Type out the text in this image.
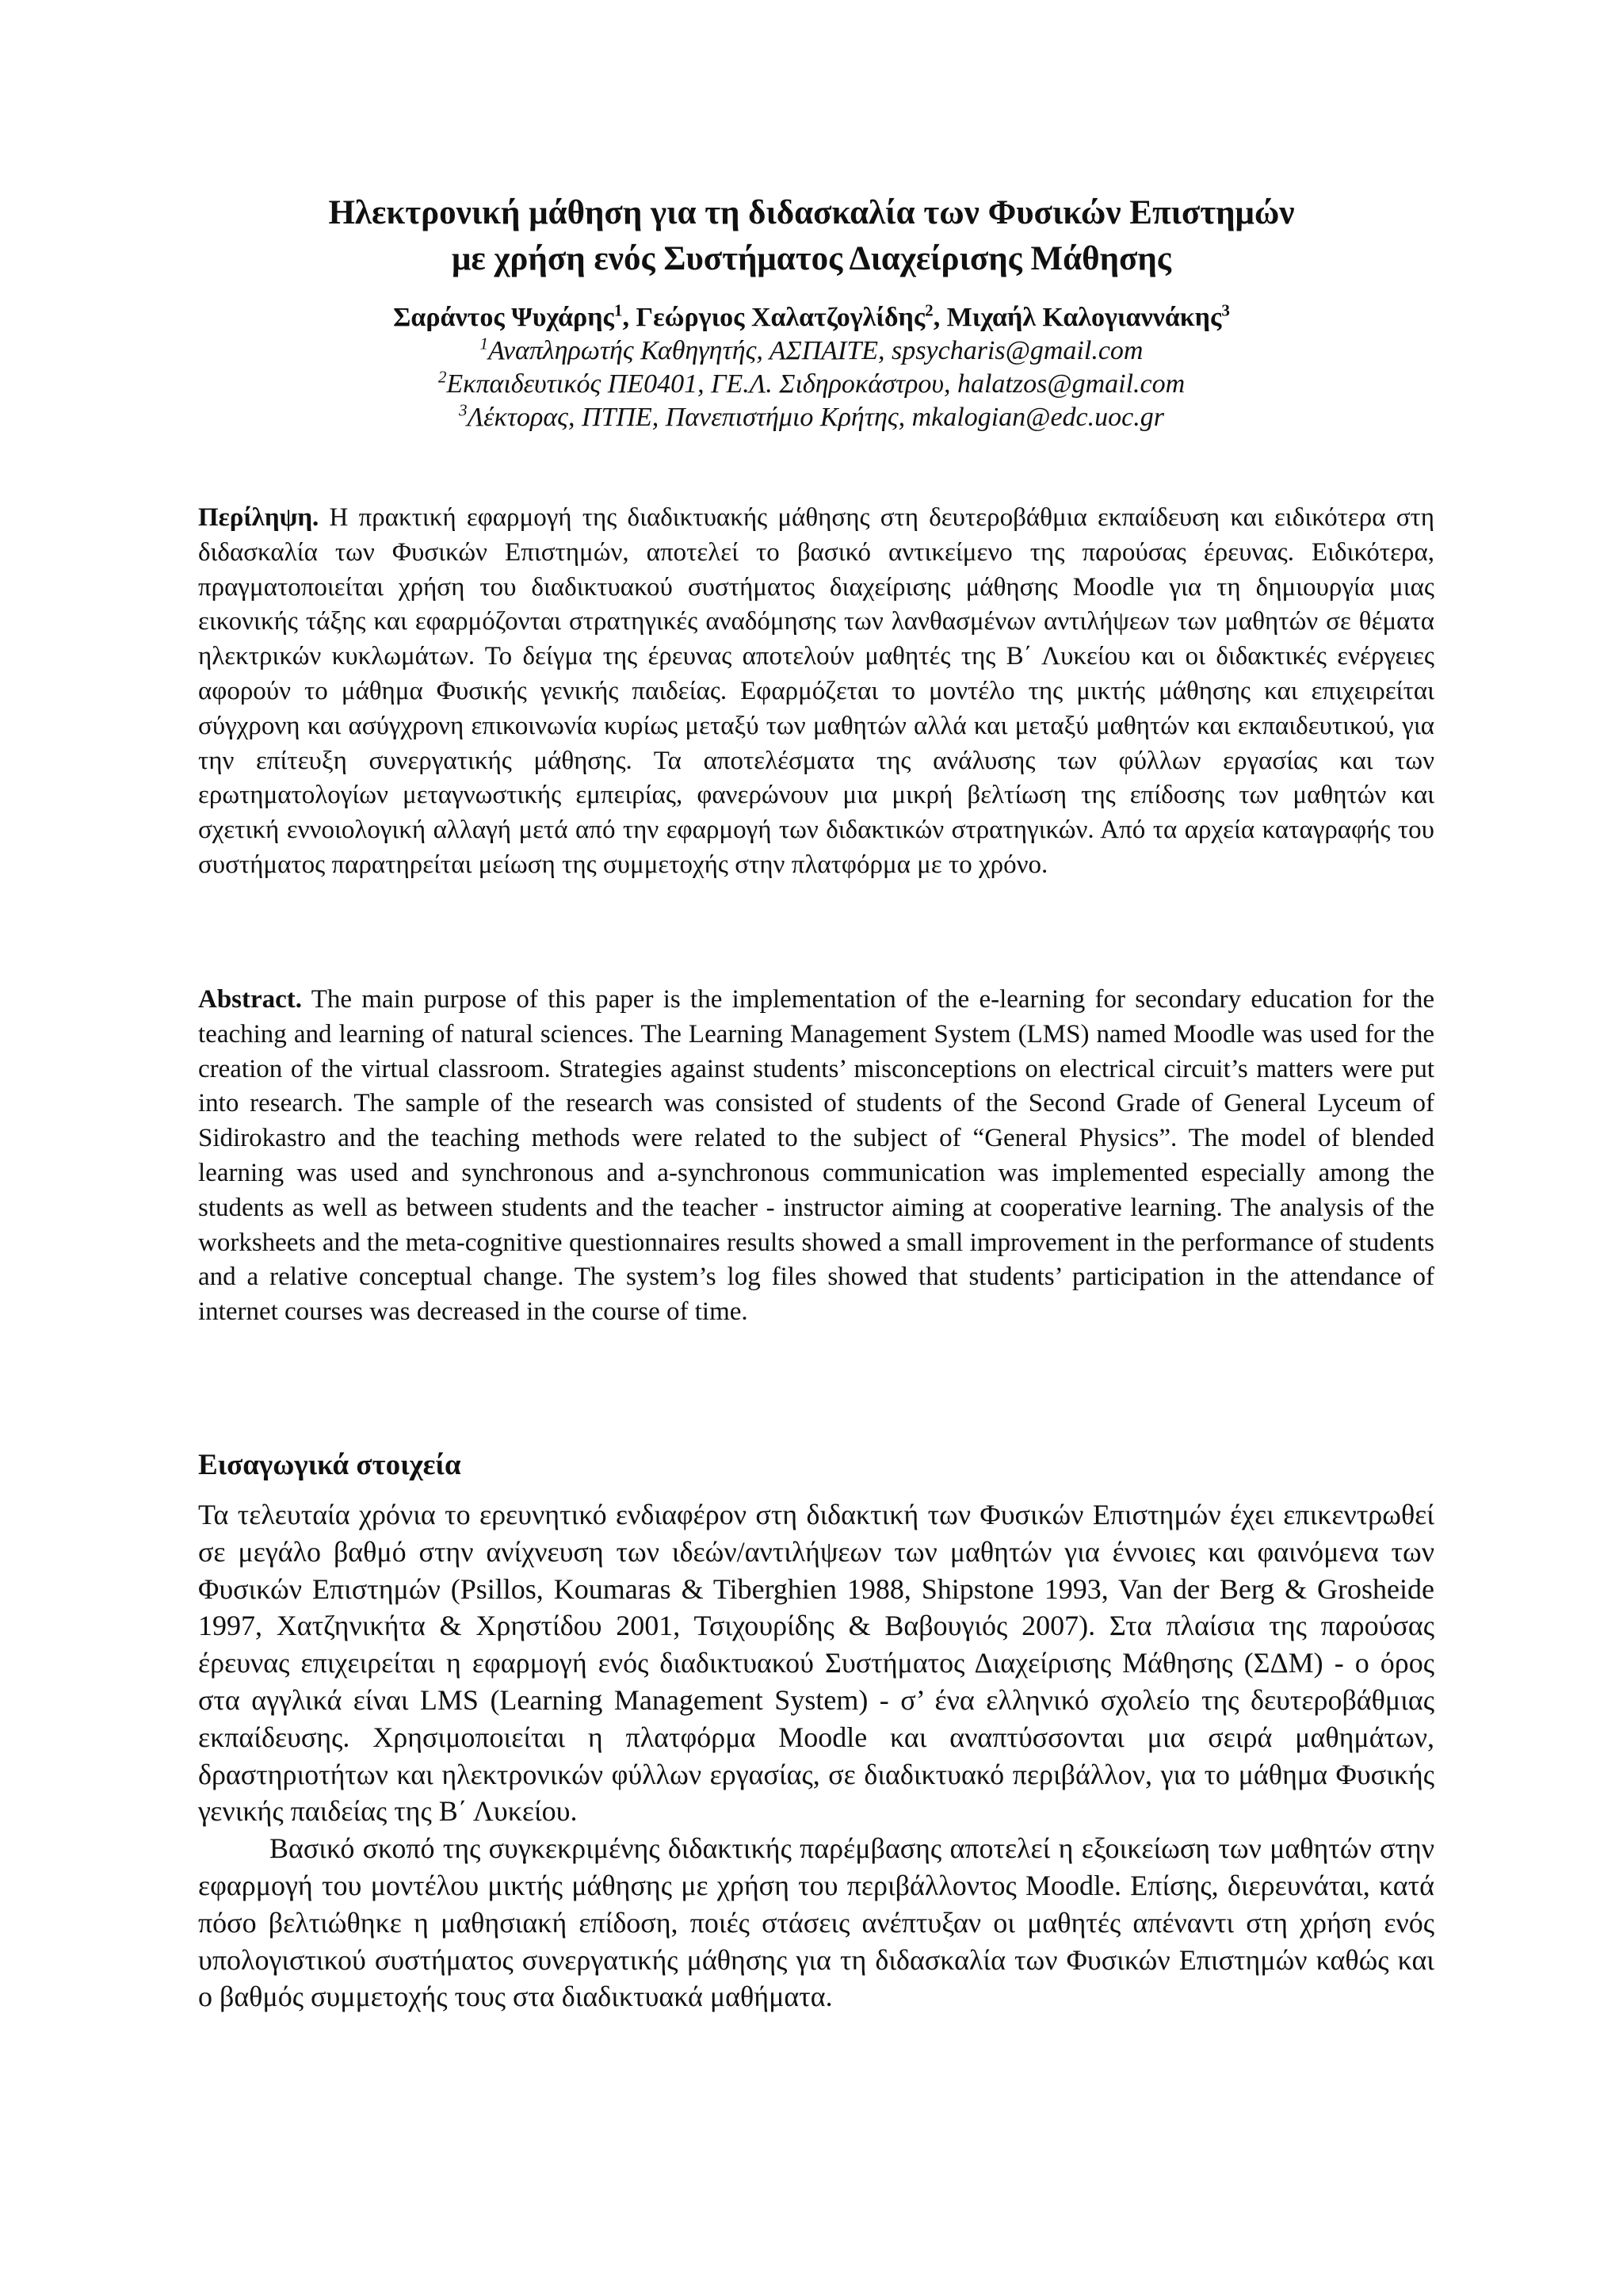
Ηλεκτρονική μάθηση για τη διδασκαλία των Φυσικών Επιστημών
με χρήση ενός Συστήματος Διαχείρισης Μάθησης
Σαράντος Ψυχάρης$^1$, Γεώργιος Χαλατζογλίδης$^2$, Μιχαήλ Καλογιαννάκης$^3$
$^1$Αναπληρωτής Καθηγητής, ΑΣΠΑΙΤΕ, spsycharis@gmail.com
$^2$Εκπαιδευτικός ΠΕ0401, ΓΕ.Λ. Σιδηροκάστρου, halatzos@gmail.com
$^3$Λέκτορας, ΠΤΠΕ, Πανεπιστήμιο Κρήτης, mkalogian@edc.uoc.gr

Περίληψη. Η πρακτική εφαρμογή της διαδικτυακής μάθησης στη δευτεροβάθμια εκπαίδευση και ειδικότερα στη διδασκαλία των Φυσικών Επιστημών, αποτελεί το βασικό αντικείμενο της παρούσας έρευνας. Ειδικότερα, πραγματοποιείται χρήση του διαδικτυακού συστήματος διαχείρισης μάθησης Moodle για τη δημιουργία μιας εικονικής τάξης και εφαρμόζονται στρατηγικές αναδόμησης των λανθασμένων αντιλήψεων των μαθητών σε θέματα ηλεκτρικών κυκλωμάτων. Το δείγμα της έρευνας αποτελούν μαθητές της Β΄ Λυκείου και οι διδακτικές ενέργειες αφορούν το μάθημα Φυσικής γενικής παιδείας. Εφαρμόζεται το μοντέλο της μικτής μάθησης και επιχειρείται σύγχρονη και ασύγχρονη επικοινωνία κυρίως μεταξύ των μαθητών αλλά και μεταξύ μαθητών και εκπαιδευτικού, για την επίτευξη συνεργατικής μάθησης. Τα αποτελέσματα της ανάλυσης των φύλλων εργασίας και των ερωτηματολογίων μεταγνωστικής εμπειρίας, φανερώνουν μια μικρή βελτίωση της επίδοσης των μαθητών και σχετική εννοιολογική αλλαγή μετά από την εφαρμογή των διδακτικών στρατηγικών. Από τα αρχεία καταγραφής του συστήματος παρατηρείται μείωση της συμμετοχής στην πλατφόρμα με το χρόνο.

Abstract. The main purpose of this paper is the implementation of the e-learning for secondary education for the teaching and learning of natural sciences. The Learning Management System (LMS) named Moodle was used for the creation of the virtual classroom. Strategies against students’ misconceptions on electrical circuit’s matters were put into research. The sample of the research was consisted of students of the Second Grade of General Lyceum of Sidirokastro and the teaching methods were related to the subject of “General Physics”. The model of blended learning was used and synchronous and a-synchronous communication was implemented especially among the students as well as between students and the teacher - instructor aiming at cooperative learning. The analysis of the worksheets and the meta-cognitive questionnaires results showed a small improvement in the performance of students and a relative conceptual change. The system’s log files showed that students’ participation in the attendance of internet courses was decreased in the course of time.

Εισαγωγικά στοιχεία

Τα τελευταία χρόνια το ερευνητικό ενδιαφέρον στη διδακτική των Φυσικών Επιστημών έχει επικεντρωθεί σε μεγάλο βαθμό στην ανίχνευση των ιδεών/αντιλήψεων των μαθητών για έννοιες και φαινόμενα των Φυσικών Επιστημών (Psillos, Koumaras & Tiberghien 1988, Shipstone 1993, Van der Berg & Grosheide 1997, Χατζηνικήτα & Χρηστίδου 2001, Τσιχουρίδης & Βαβουγιός 2007). Στα πλαίσια της παρούσας έρευνας επιχειρείται η εφαρμογή ενός διαδικτυακού Συστήματος Διαχείρισης Μάθησης (ΣΔΜ) - ο όρος στα αγγλικά είναι LMS (Learning Management System) - σ’ ένα ελληνικό σχολείο της δευτεροβάθμιας εκπαίδευσης. Χρησιμοποιείται η πλατφόρμα Moodle και αναπτύσσονται μια σειρά μαθημάτων, δραστηριοτήτων και ηλεκτρονικών φύλλων εργασίας, σε διαδικτυακό περιβάλλον, για το μάθημα Φυσικής γενικής παιδείας της Β΄ Λυκείου.

Βασικό σκοπό της συγκεκριμένης διδακτικής παρέμβασης αποτελεί η εξοικείωση των μαθητών στην εφαρμογή του μοντέλου μικτής μάθησης με χρήση του περιβάλλοντος Moodle. Επίσης, διερευνάται, κατά πόσο βελτιώθηκε η μαθησιακή επίδοση, ποιές στάσεις ανέπτυξαν οι μαθητές απέναντι στη χρήση ενός υπολογιστικού συστήματος συνεργατικής μάθησης για τη διδασκαλία των Φυσικών Επιστημών καθώς και ο βαθμός συμμετοχής τους στα διαδικτυακά μαθήματα.
